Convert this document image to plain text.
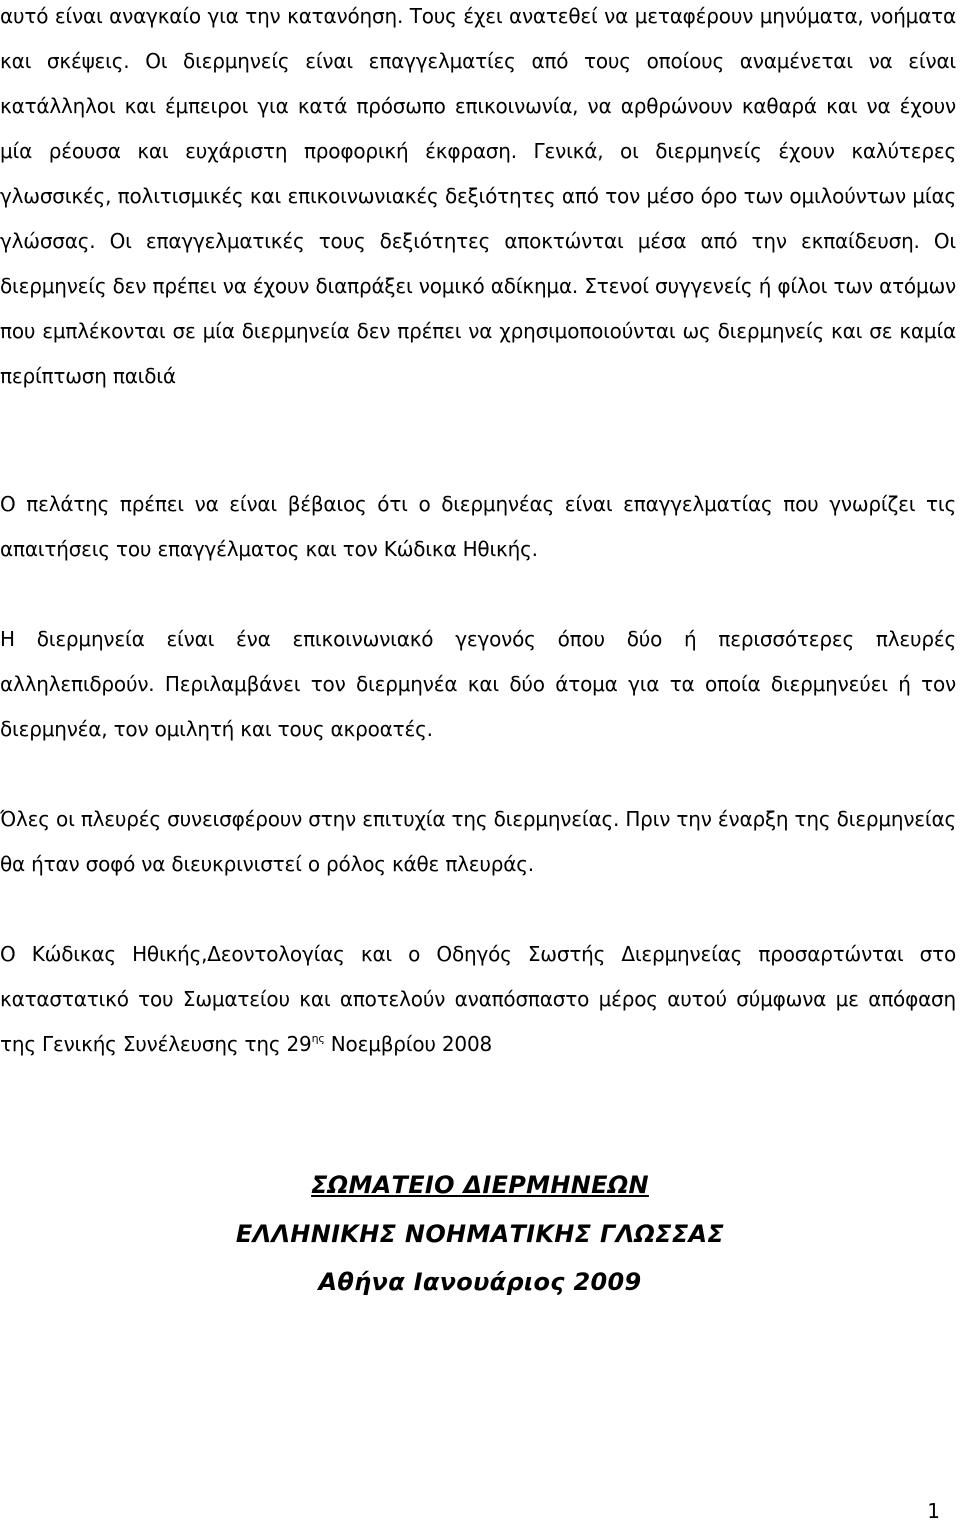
αυτό είναι αναγκαίο για την κατανόηση. Τους έχει ανατεθεί να μεταφέρουν μηνύματα, νοήματα και σκέψεις. Οι διερμηνείς είναι επαγγελματίες από τους οποίους αναμένεται να είναι κατάλληλοι και έμπειροι για κατά πρόσωπο επικοινωνία, να αρθρώνουν καθαρά και να έχουν μία ρέουσα και ευχάριστη προφορική έκφραση. Γενικά, οι διερμηνείς έχουν καλύτερες γλωσσικές, πολιτισμικές και επικοινωνιακές δεξιότητες από τον μέσο όρο των ομιλούντων μίας γλώσσας. Οι επαγγελματικές τους δεξιότητες αποκτώνται μέσα από την εκπαίδευση. Οι διερμηνείς δεν πρέπει να έχουν διαπράξει νομικό αδίκημα. Στενοί συγγενείς ή φίλοι των ατόμων που εμπλέκονται σε μία διερμηνεία δεν πρέπει να χρησιμοποιούνται ως διερμηνείς και σε καμία περίπτωση παιδιά

Ο πελάτης πρέπει να είναι βέβαιος ότι ο διερμηνέας είναι επαγγελματίας που γνωρίζει τις απαιτήσεις του επαγγέλματος και τον Κώδικα Ηθικής.

Η διερμηνεία είναι ένα επικοινωνιακό γεγονός όπου δύο ή περισσότερες πλευρές αλληλεπιδρούν. Περιλαμβάνει τον διερμηνέα και δύο άτομα για τα οποία διερμηνεύει ή τον διερμηνέα, τον ομιλητή και τους ακροατές.

Όλες οι πλευρές συνεισφέρουν στην επιτυχία της διερμηνείας. Πριν την έναρξη της διερμηνείας θα ήταν σοφό να διευκρινιστεί ο ρόλος κάθε πλευράς.

Ο Κώδικας Ηθικής,Δεοντολογίας και ο Οδηγός Σωστής Διερμηνείας προσαρτώνται στο καταστατικό του Σωματείου και αποτελούν αναπόσπαστο μέρος αυτού σύμφωνα με απόφαση της Γενικής Συνέλευσης της $29^{\eta\varsigma}$ Νοεμβρίου 2008

ΣΩΜΑΤΕΙΟ ΔΙΕΡΜΗΝΕΩΝ
ΕΛΛΗΝΙΚΗΣ ΝΟΗΜΑΤΙΚΗΣ ΓΛΩΣΣΑΣ
Αθήνα Ιανουάριος 2009
1
